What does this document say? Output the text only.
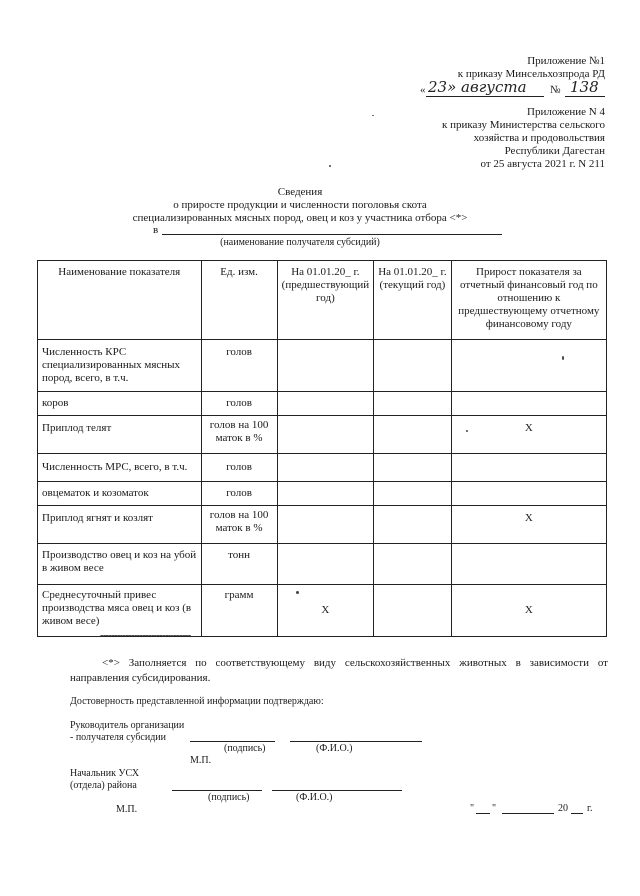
Приложение №1
к приказу Минсельхозпрода РД
« 23» августа № 138
Приложение N 4
к приказу Министерства сельского
хозяйства и продовольствия
Республики Дагестан
от 25 августа 2021 г. N 211
Сведения
о приросте продукции и численности поголовья скота
специализированных мясных пород, овец и коз у участника отбора <*>
в
(наименование получателя субсидий)
Наименование показателя	Ед. изм.	На 01.01.20_ г. (предшествующий год)	На 01.01.20_ г. (текущий год)	Прирост показателя за отчетный финансовый год по отношению к предшествующему отчетному финансовому году
Численность КРС специализированных мясных пород, всего, в т.ч.	голов			
коров	голов			
Приплод телят	голов на 100 маток в %			X
Численность МРС, всего, в т.ч.	голов			
овцематок и козоматок	голов			
Приплод ягнят и козлят	голов на 100 маток в %			X
Производство овец и коз на убой в живом весе	тонн			
Среднесуточный привес производства мяса овец и коз (в живом весе)	грамм	X		X
--------------------------------
<*> Заполняется по соответствующему виду сельскохозяйственных животных в зависимости от направления субсидирования.
Достоверность представленной информации подтверждаю:
Руководитель организации
- получателя субсидии
(подпись)	(Ф.И.О.)
М.П.
Начальник УСХ
(отдела) района
(подпись)	(Ф.И.О.)
М.П.	" "	20 г.
